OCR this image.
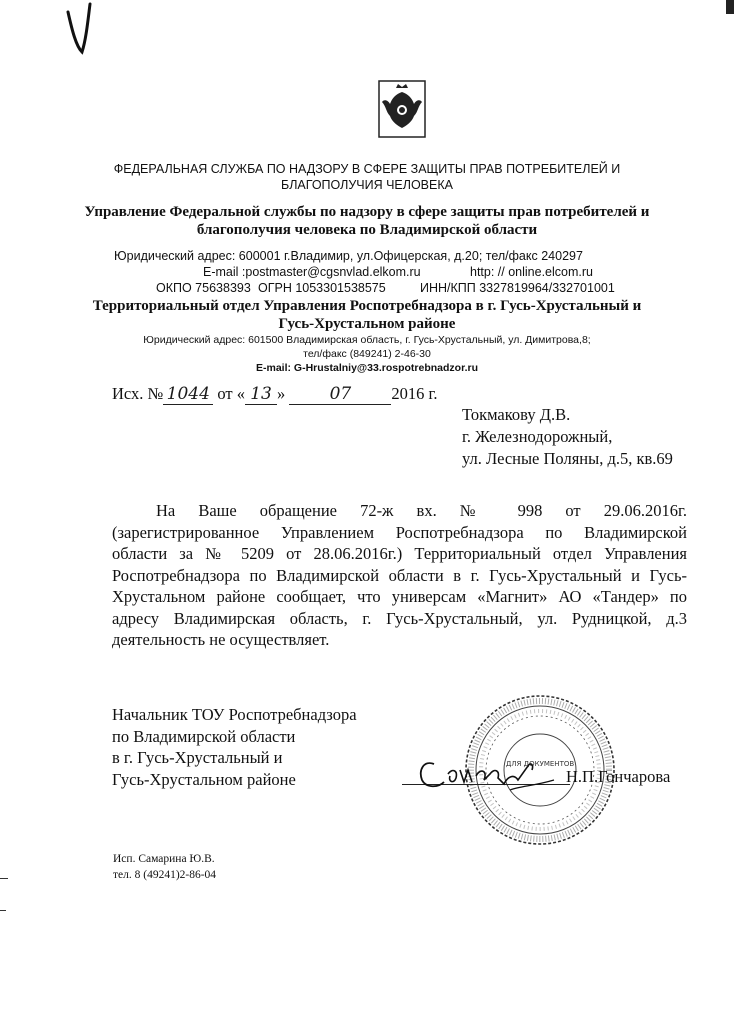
ФЕДЕРАЛЬНАЯ СЛУЖБА ПО НАДЗОРУ В СФЕРЕ ЗАЩИТЫ ПРАВ ПОТРЕБИТЕЛЕЙ И
БЛАГОПОЛУЧИЯ ЧЕЛОВЕКА
Управление Федеральной службы по надзору в сфере защиты прав потребителей и
благополучия человека по Владимирской области
Юридический адрес: 600001 г.Владимир, ул.Офицерская, д.20; тел/факс 240297
E-mail :postmaster@cgsnvlad.elkom.ru	http: // online.elcom.ru
ОКПО 75638393 ОГРН 1053301538575	ИНН/КПП 3327819964/332701001
Территориальный отдел Управления Роспотребнадзора в г. Гусь-Хрустальный и
Гусь-Хрустальном районе
Юридический адрес: 601500 Владимирская область, г. Гусь-Хрустальный, ул. Димитрова,8;
тел/факс (849241) 2-46-30
E-mail: G-Hrustalniy@33.rospotrebnadzor.ru
Исх. № 1044 от « 13 »	07 2016 г.
Токмакову Д.В.
г. Железнодорожный,
ул. Лесные Поляны, д.5, кв.69
На Ваше обращение 72-ж вх. № 998 от 29.06.2016г.
(зарегистрированное Управлением Роспотребнадзора по Владимирской
области за № 5209 от 28.06.2016г.) Территориальный отдел Управления
Роспотребнадзора по Владимирской области в г. Гусь-Хрустальный и Гусь-
Хрустальном районе сообщает, что универсам «Магнит» АО «Тандер» по
адресу Владимирская область, г. Гусь-Хрустальный, ул. Рудницкой, д.3
деятельность не осуществляет.
Начальник ТОУ Роспотребнадзора
по Владимирской области
в г. Гусь-Хрустальный и
Гусь-Хрустальном районе
ДЛЯ ДОКУМЕНТОВ
Гонч
Н.П.Гончарова
Исп. Самарина Ю.В.
тел. 8 (49241)2-86-04
